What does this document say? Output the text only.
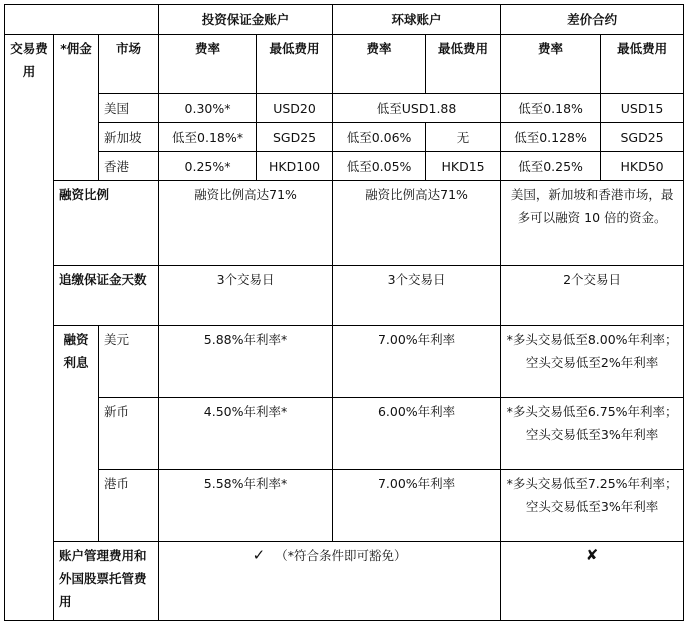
			投资保证金账户		环球账户		差价合约	
交易费用	*佣金	市场	费率	最低费用	费率	最低费用	费率	最低费用
		美国	0.30%*	USD20	低至USD1.88		低至0.18%	USD15
		新加坡	低至0.18%*	SGD25	低至0.06%	无	低至0.128%	SGD25
		香港	0.25%*	HKD100	低至0.05%	HKD15	低至0.25%	HKD50
	融资比例		融资比例高达71%		融资比例高达71%		美国，新加坡和香港市场，最多可以融资 10 倍的资金。	
	追缴保证金天数		3个交易日		3个交易日		2个交易日	
	融资利息	美元	5.88%年利率*		7.00%年利率		*多头交易低至8.00%年利率；空头交易低至2%年利率	
		新币	4.50%年利率*		6.00%年利率		*多头交易低至6.75%年利率；空头交易低至3%年利率	
		港币	5.58%年利率*		7.00%年利率		*多头交易低至7.25%年利率；空头交易低至3%年利率	
	账户管理费用和外国股票托管费用		✓ （*符合条件即可豁免）				✘	
